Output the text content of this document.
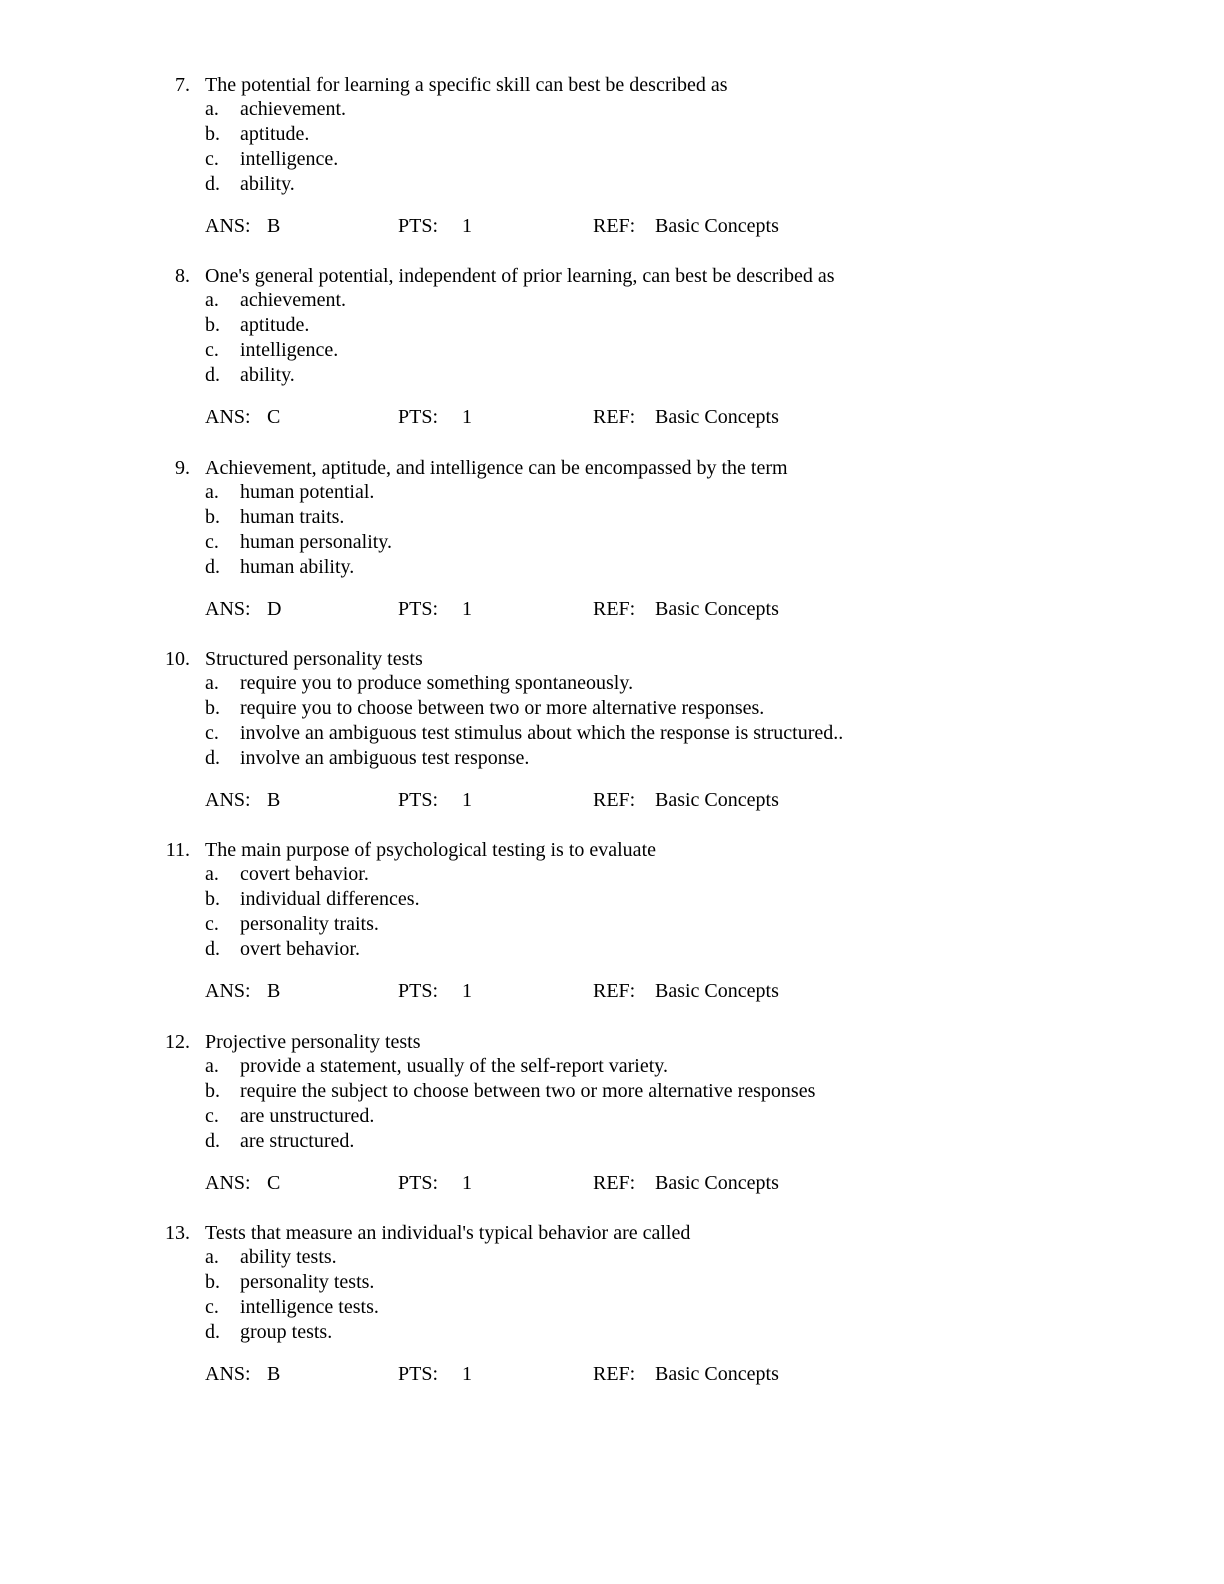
7. The potential for learning a specific skill can best be described as
a. achievement.
b. aptitude.
c. intelligence.
d. ability.
ANS: B	PTS: 1	REF: Basic Concepts
8. One's general potential, independent of prior learning, can best be described as
a. achievement.
b. aptitude.
c. intelligence.
d. ability.
ANS: C	PTS: 1	REF: Basic Concepts
9. Achievement, aptitude, and intelligence can be encompassed by the term
a. human potential.
b. human traits.
c. human personality.
d. human ability.
ANS: D	PTS: 1	REF: Basic Concepts
10. Structured personality tests
a. require you to produce something spontaneously.
b. require you to choose between two or more alternative responses.
c. involve an ambiguous test stimulus about which the response is structured..
d. involve an ambiguous test response.
ANS: B	PTS: 1	REF: Basic Concepts
11. The main purpose of psychological testing is to evaluate
a. covert behavior.
b. individual differences.
c. personality traits.
d. overt behavior.
ANS: B	PTS: 1	REF: Basic Concepts
12. Projective personality tests
a. provide a statement, usually of the self-report variety.
b. require the subject to choose between two or more alternative responses
c. are unstructured.
d. are structured.
ANS: C	PTS: 1	REF: Basic Concepts
13. Tests that measure an individual's typical behavior are called
a. ability tests.
b. personality tests.
c. intelligence tests.
d. group tests.
ANS: B	PTS: 1	REF: Basic Concepts
